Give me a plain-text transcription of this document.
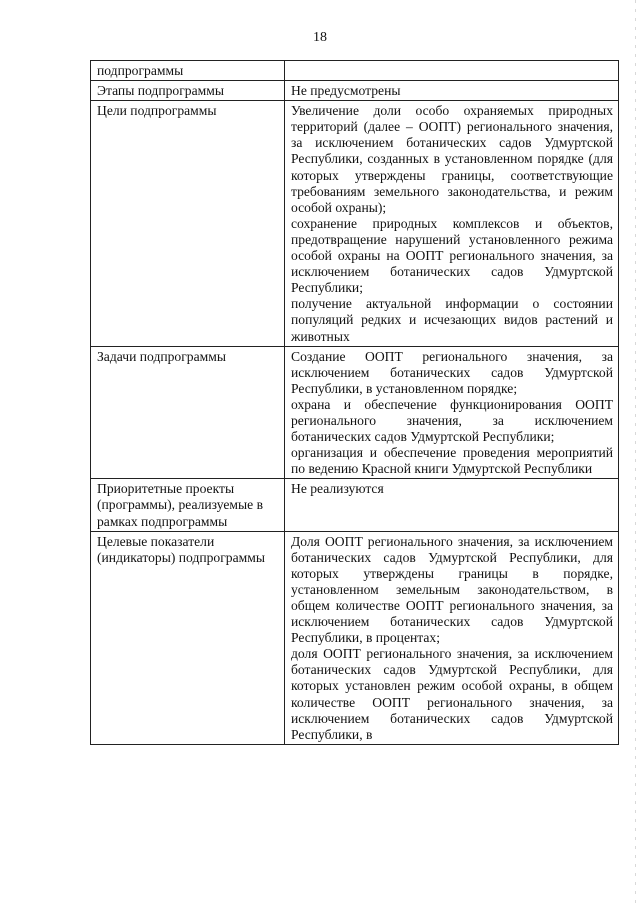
18
подпрограммы	
Этапы подпрограммы	Не предусмотрены

Цели подпрограммы	Увеличение доли особо охраняемых природных территорий (далее – ООПТ) регионального значения, за исключением ботанических садов Удмуртской Республики, созданных в установленном порядке (для которых утверждены границы, соответствующие требованиям земельного законодательства, и режим особой охраны);
сохранение природных комплексов и объектов, предотвращение нарушений установленного режима особой охраны на ООПТ регионального значения, за исключением ботанических садов Удмуртской Республики;
получение актуальной информации о состоянии популяций редких и исчезающих видов растений и животных

Задачи подпрограммы	Создание ООПТ регионального значения, за исключением ботанических садов Удмуртской Республики, в установленном порядке;
охрана и обеспечение функционирования ООПТ регионального значения, за исключением ботанических садов Удмуртской Республики;
организация и обеспечение проведения мероприятий по ведению Красной книги Удмуртской Республики

Приоритетные проекты (программы), реализуемые в рамках подпрограммы	Не реализуются

Целевые показатели (индикаторы) подпрограммы	Доля ООПТ регионального значения, за исключением ботанических садов Удмуртской Республики, для которых утверждены границы в порядке, установленном земельным законодательством, в общем количестве ООПТ регионального значения, за исключением ботанических садов Удмуртской Республики, в процентах;
доля ООПТ регионального значения, за исключением ботанических садов Удмуртской Республики, для которых установлен режим особой охраны, в общем количестве ООПТ регионального значения, за исключением ботанических садов Удмуртской Республики, в
